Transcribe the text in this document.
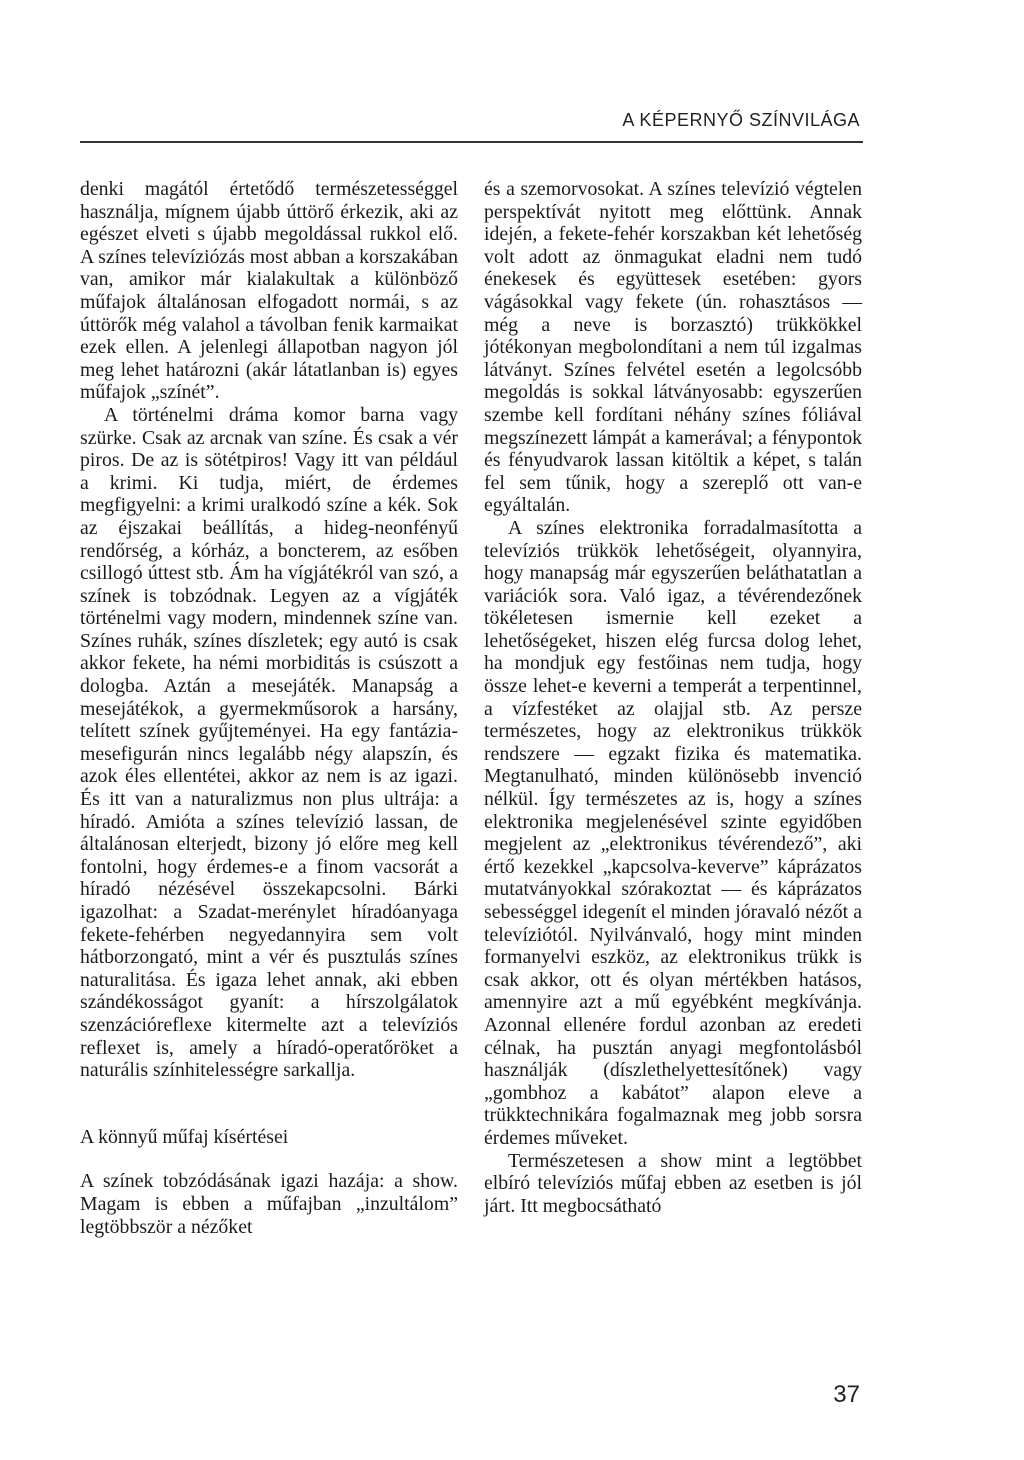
A KÉPERNYŐ SZÍNVILÁGA

denki magától értetődő természetességgel használja, mígnem újabb úttörő érkezik, aki az egészet elveti s újabb megoldással rukkol elő. A színes televíziózás most abban a korszakában van, amikor már kialakultak a különböző műfajok általánosan elfogadott normái, s az úttörők még valahol a távolban fenik karmaikat ezek ellen. A jelenlegi állapotban nagyon jól meg lehet határozni (akár látatlanban is) egyes műfajok „színét”.

A történelmi dráma komor barna vagy szürke. Csak az arcnak van színe. És csak a vér piros. De az is sötétpiros! Vagy itt van például a krimi. Ki tudja, miért, de érdemes megfigyelni: a krimi uralkodó színe a kék. Sok az éjszakai beállítás, a hideg-neonfényű rendőrség, a kórház, a boncterem, az esőben csillogó úttest stb. Ám ha vígjátékról van szó, a színek is tobzódnak. Legyen az a vígjáték történelmi vagy modern, mindennek színe van. Színes ruhák, színes díszletek; egy autó is csak akkor fekete, ha némi morbiditás is csúszott a dologba. Aztán a mesejáték. Manapság a mesejátékok, a gyermekműsorok a harsány, telített színek gyűjteményei. Ha egy fantázia-mesefigurán nincs legalább négy alapszín, és azok éles ellentétei, akkor az nem is az igazi. És itt van a naturalizmus non plus ultrája: a híradó. Amióta a színes televízió lassan, de általánosan elterjedt, bizony jó előre meg kell fontolni, hogy érdemes-e a finom vacsorát a híradó nézésével összekapcsolni. Bárki igazolhat: a Szadat-merénylet híradóanyaga fekete-fehérben negyedannyira sem volt hátborzongató, mint a vér és pusztulás színes naturalitása. És igaza lehet annak, aki ebben szándékosságot gyanít: a hírszolgálatok szenzációreflexe kitermelte azt a televíziós reflexet is, amely a híradó-operatőröket a naturális színhitelességre sarkallja.

A könnyű műfaj kísértései

A színek tobzódásának igazi hazája: a show. Magam is ebben a műfajban „inzultálom” legtöbbször a nézőket

és a szemorvosokat. A színes televízió végtelen perspektívát nyitott meg előttünk. Annak idején, a fekete-fehér korszakban két lehetőség volt adott az önmagukat eladni nem tudó énekesek és együttesek esetében: gyors vágásokkal vagy fekete (ún. rohasztásos — még a neve is borzasztó) trükkökkel jótékonyan megbolondítani a nem túl izgalmas látványt. Színes felvétel esetén a legolcsóbb megoldás is sokkal látványosabb: egyszerűen szembe kell fordítani néhány színes fóliával megszínezett lámpát a kamerával; a fénypontok és fényudvarok lassan kitöltik a képet, s talán fel sem tűnik, hogy a szereplő ott van-e egyáltalán.

A színes elektronika forradalmasította a televíziós trükkök lehetőségeit, olyannyira, hogy manapság már egyszerűen beláthatatlan a variációk sora. Való igaz, a tévérendezőnek tökéletesen ismernie kell ezeket a lehetőségeket, hiszen elég furcsa dolog lehet, ha mondjuk egy festőinas nem tudja, hogy össze lehet-e keverni a temperát a terpentinnel, a vízfestéket az olajjal stb. Az persze természetes, hogy az elektronikus trükkök rendszere — egzakt fizika és matematika. Megtanulható, minden különösebb invenció nélkül. Így természetes az is, hogy a színes elektronika megjelenésével szinte egyidőben megjelent az „elektronikus tévérendező”, aki értő kezekkel „kapcsolva-keverve” káprázatos mutatványokkal szórakoztat — és káprázatos sebességgel idegenít el minden jóravaló nézőt a televíziótól. Nyilvánvaló, hogy mint minden formanyelvi eszköz, az elektronikus trükk is csak akkor, ott és olyan mértékben hatásos, amennyire azt a mű egyébként megkívánja. Azonnal ellenére fordul azonban az eredeti célnak, ha pusztán anyagi megfontolásból használják (díszlethelyettesítőnek) vagy „gombhoz a kabátot” alapon eleve a trükktechnikára fogalmaznak meg jobb sorsra érdemes műveket.

Természetesen a show mint a legtöbbet elbíró televíziós műfaj ebben az esetben is jól járt. Itt megbocsátható

37
